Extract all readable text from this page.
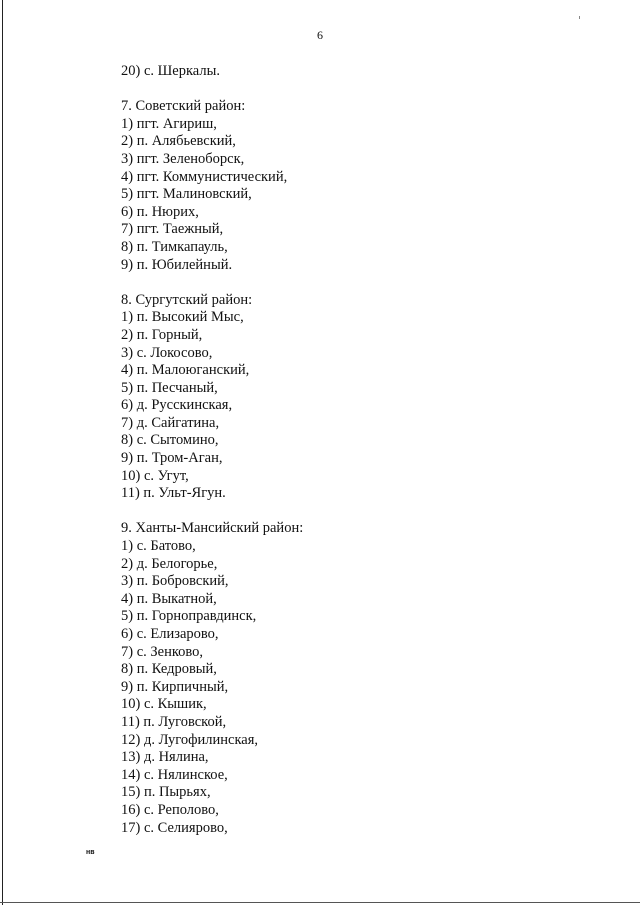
6
20) с. Шеркалы.
7. Советский район:
1) пгт. Агириш,
2) п. Алябьевский,
3) пгт. Зеленоборск,
4) пгт. Коммунистический,
5) пгт. Малиновский,
6) п. Нюрих,
7) пгт. Таежный,
8) п. Тимкапауль,
9) п. Юбилейный.
8. Сургутский район:
1) п. Высокий Мыс,
2) п. Горный,
3) с. Локосово,
4) п. Малоюганский,
5) п. Песчаный,
6) д. Русскинская,
7) д. Сайгатина,
8) с. Сытомино,
9) п. Тром-Аган,
10) с. Угут,
11) п. Ульт-Ягун.
9. Ханты-Мансийский район:
1) с. Батово,
2) д. Белогорье,
3) п. Бобровский,
4) п. Выкатной,
5) п. Горноправдинск,
6) с. Елизарово,
7) с. Зенково,
8) п. Кедровый,
9) п. Кирпичный,
10) с. Кышик,
11) п. Луговской,
12) д. Лугофилинская,
13) д. Нялина,
14) с. Нялинское,
15) п. Пырьях,
16) с. Реполово,
17) с. Селиярово,
нв
